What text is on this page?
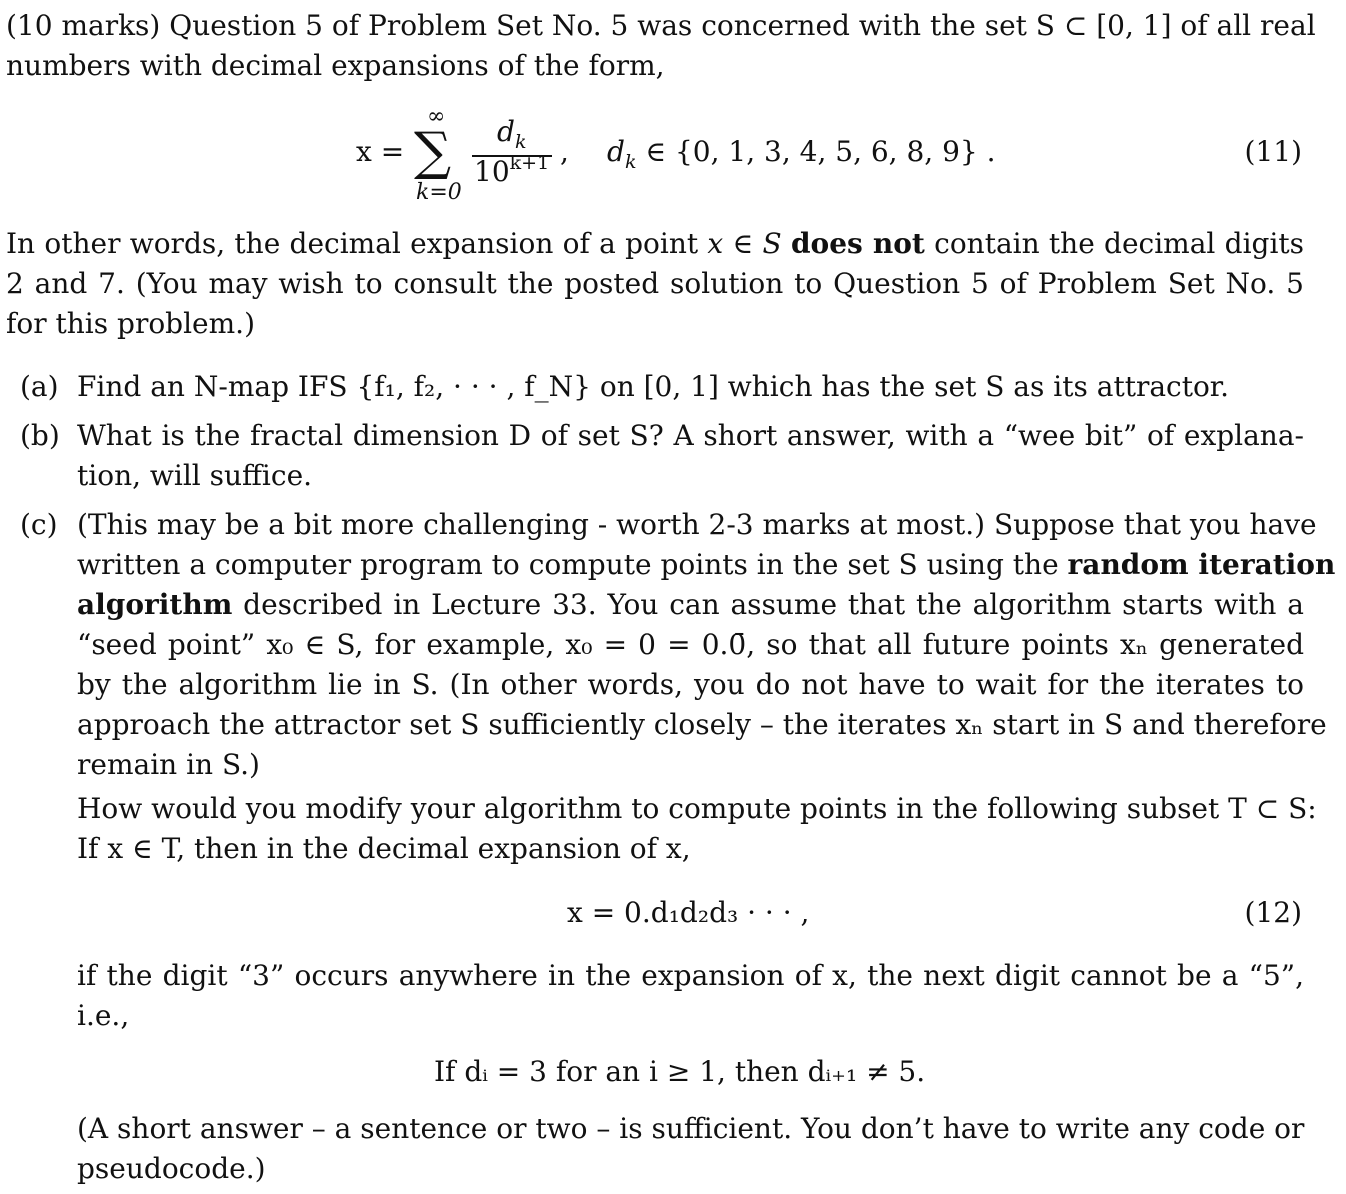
(10 marks) Question 5 of Problem Set No. 5 was concerned with the set S ⊂ [0, 1] of all real
numbers with decimal expansions of the form,
x =
∞
∑
k=0
$d_k$
$10^{k+1}$ , $d_k$ ∈ {0, 1, 3, 4, 5, 6, 8, 9} .	(11)
In other words, the decimal expansion of a point x ∈ S does not contain the decimal digits
2 and 7. (You may wish to consult the posted solution to Question 5 of Problem Set No. 5
for this problem.)
(a) Find an N-map IFS {f₁, f₂, · · · , f_N} on [0, 1] which has the set S as its attractor.
(b) What is the fractal dimension D of set S? A short answer, with a “wee bit” of explana-
tion, will suffice.
(c) (This may be a bit more challenging - worth 2-3 marks at most.) Suppose that you have
written a computer program to compute points in the set S using the random iteration
algorithm described in Lecture 33. You can assume that the algorithm starts with a
“seed point” x₀ ∈ S, for example, x₀ = 0 = 0.0̄, so that all future points xₙ generated
by the algorithm lie in S. (In other words, you do not have to wait for the iterates to
approach the attractor set S sufficiently closely – the iterates xₙ start in S and therefore
remain in S.)
How would you modify your algorithm to compute points in the following subset T ⊂ S:
If x ∈ T, then in the decimal expansion of x,
x = 0.d₁d₂d₃ · · · ,	(12)
if the digit “3” occurs anywhere in the expansion of x, the next digit cannot be a “5”,
i.e.,
If dᵢ = 3 for an i ≥ 1, then dᵢ₊₁ ≠ 5.
(A short answer – a sentence or two – is sufficient. You don’t have to write any code or
pseudocode.)
